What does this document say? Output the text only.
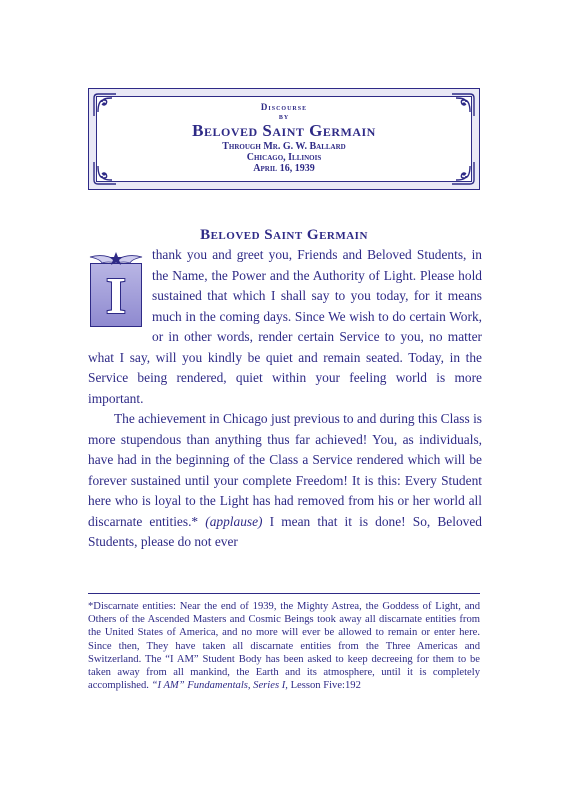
Discourse
by
Beloved Saint Germain
Through Mr. G. W. Ballard
Chicago, Illinois
April 16, 1939
Beloved Saint Germain

I
thank you and greet you, Friends and Beloved Students, in the Name, the Power and the Authority of Light. Please hold sustained that which I shall say to you today, for it means much in the coming days. Since We wish to do certain Work, or in other words, render certain Service to you, no matter what I say, will you kindly be quiet and remain seated. Today, in the Service being rendered, quiet within your feeling world is more important.

The achievement in Chicago just previous to and during this Class is more stupendous than anything thus far achieved! You, as individuals, have had in the beginning of the Class a Service rendered which will be forever sustained until your complete Freedom! It is this: Every Student here who is loyal to the Light has had removed from his or her world all discarnate entities.* (applause) I mean that it is done! So, Beloved Students, please do not ever

*Discarnate entities: Near the end of 1939, the Mighty Astrea, the Goddess of Light, and Others of the Ascended Masters and Cosmic Beings took away all discarnate entities from the United States of America, and no more will ever be allowed to remain or enter here. Since then, They have taken all discarnate entities from the Three Americas and Switzerland. The “I AM” Student Body has been asked to keep decreeing for them to be taken away from all mankind, the Earth and its atmosphere, until it is completely accomplished. “I AM” Fundamentals, Series I, Lesson Five:192
